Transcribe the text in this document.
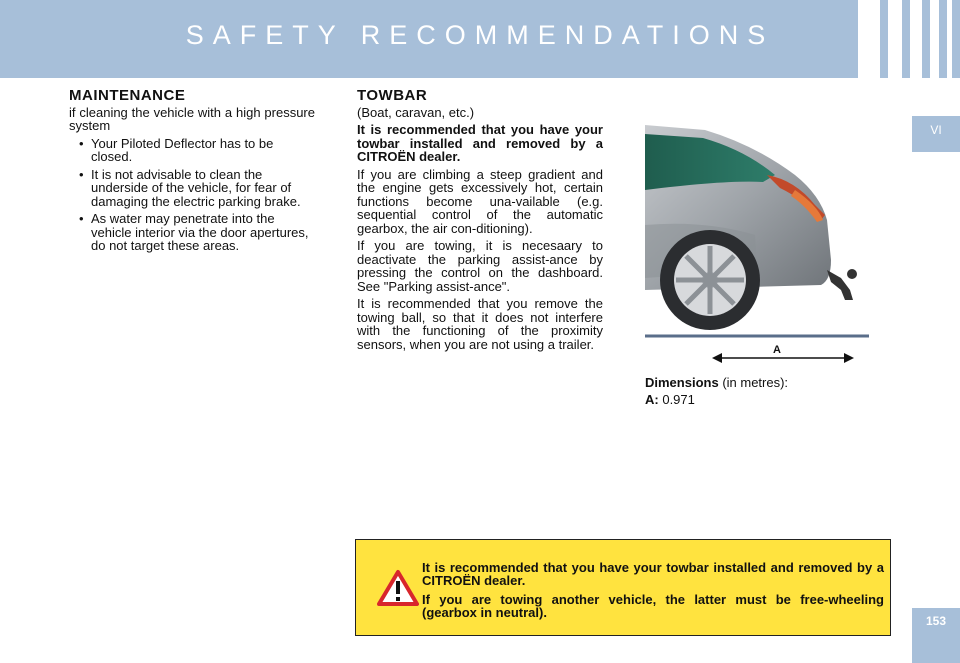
SAFETY RECOMMENDATIONS
VI
153
MAINTENANCE

if cleaning the vehicle with a high pressure system

• Your Piloted Deflector has to be closed.
• It is not advisable to clean the underside of the vehicle, for fear of damaging the electric parking brake.
• As water may penetrate into the vehicle interior via the door apertures, do not target these areas.
TOWBAR

(Boat, caravan, etc.)

It is recommended that you have your towbar installed and removed by a CITROËN dealer.

If you are climbing a steep gradient and the engine gets excessively hot, certain functions become una-vailable (e.g. sequential control of the automatic gearbox, the air con-ditioning).

If you are towing, it is necesaary to deactivate the parking assist-ance by pressing the control on the dashboard. See "Parking assist-ance".

It is recommended that you remove the towing ball, so that it does not interfere with the functioning of the proximity sensors, when you are not using a trailer.	A
Dimensions (in metres):
A: 0.971

It is recommended that you have your towbar installed and removed by a CITROËN dealer.

If you are towing another vehicle, the latter must be free-wheeling (gearbox in neutral).
